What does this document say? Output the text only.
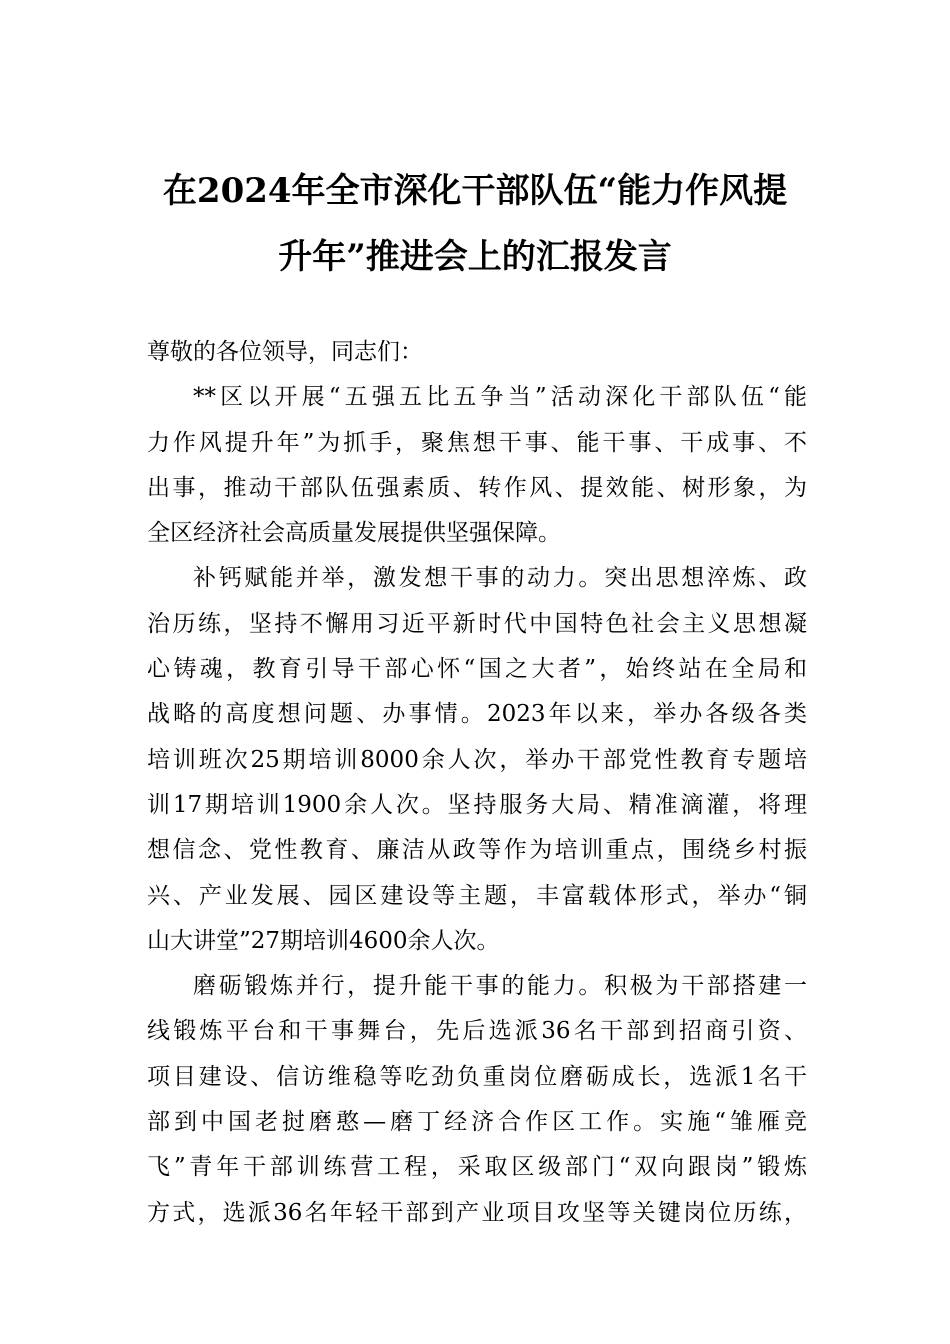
在2024年全市深化干部队伍“能力作风提
升年”推进会上的汇报发言

尊敬的各位领导，同志们：

**区以开展“五强五比五争当”活动深化干部队伍“能
力作风提升年”为抓手，聚焦想干事、能干事、干成事、不
出事，推动干部队伍强素质、转作风、提效能、树形象，为
全区经济社会高质量发展提供坚强保障。

补钙赋能并举，激发想干事的动力。突出思想淬炼、政
治历练，坚持不懈用习近平新时代中国特色社会主义思想凝
心铸魂，教育引导干部心怀“国之大者”，始终站在全局和
战略的高度想问题、办事情。2023年以来，举办各级各类
培训班次25期培训8000余人次，举办干部党性教育专题培
训17期培训1900余人次。坚持服务大局、精准滴灌，将理
想信念、党性教育、廉洁从政等作为培训重点，围绕乡村振
兴、产业发展、园区建设等主题，丰富载体形式，举办“铜
山大讲堂”27期培训4600余人次。

磨砺锻炼并行，提升能干事的能力。积极为干部搭建一
线锻炼平台和干事舞台，先后选派36名干部到招商引资、
项目建设、信访维稳等吃劲负重岗位磨砺成长，选派1名干
部到中国老挝磨憨—磨丁经济合作区工作。实施“雏雁竞
飞”青年干部训练营工程，采取区级部门“双向跟岗”锻炼
方式，选派36名年轻干部到产业项目攻坚等关键岗位历练，
